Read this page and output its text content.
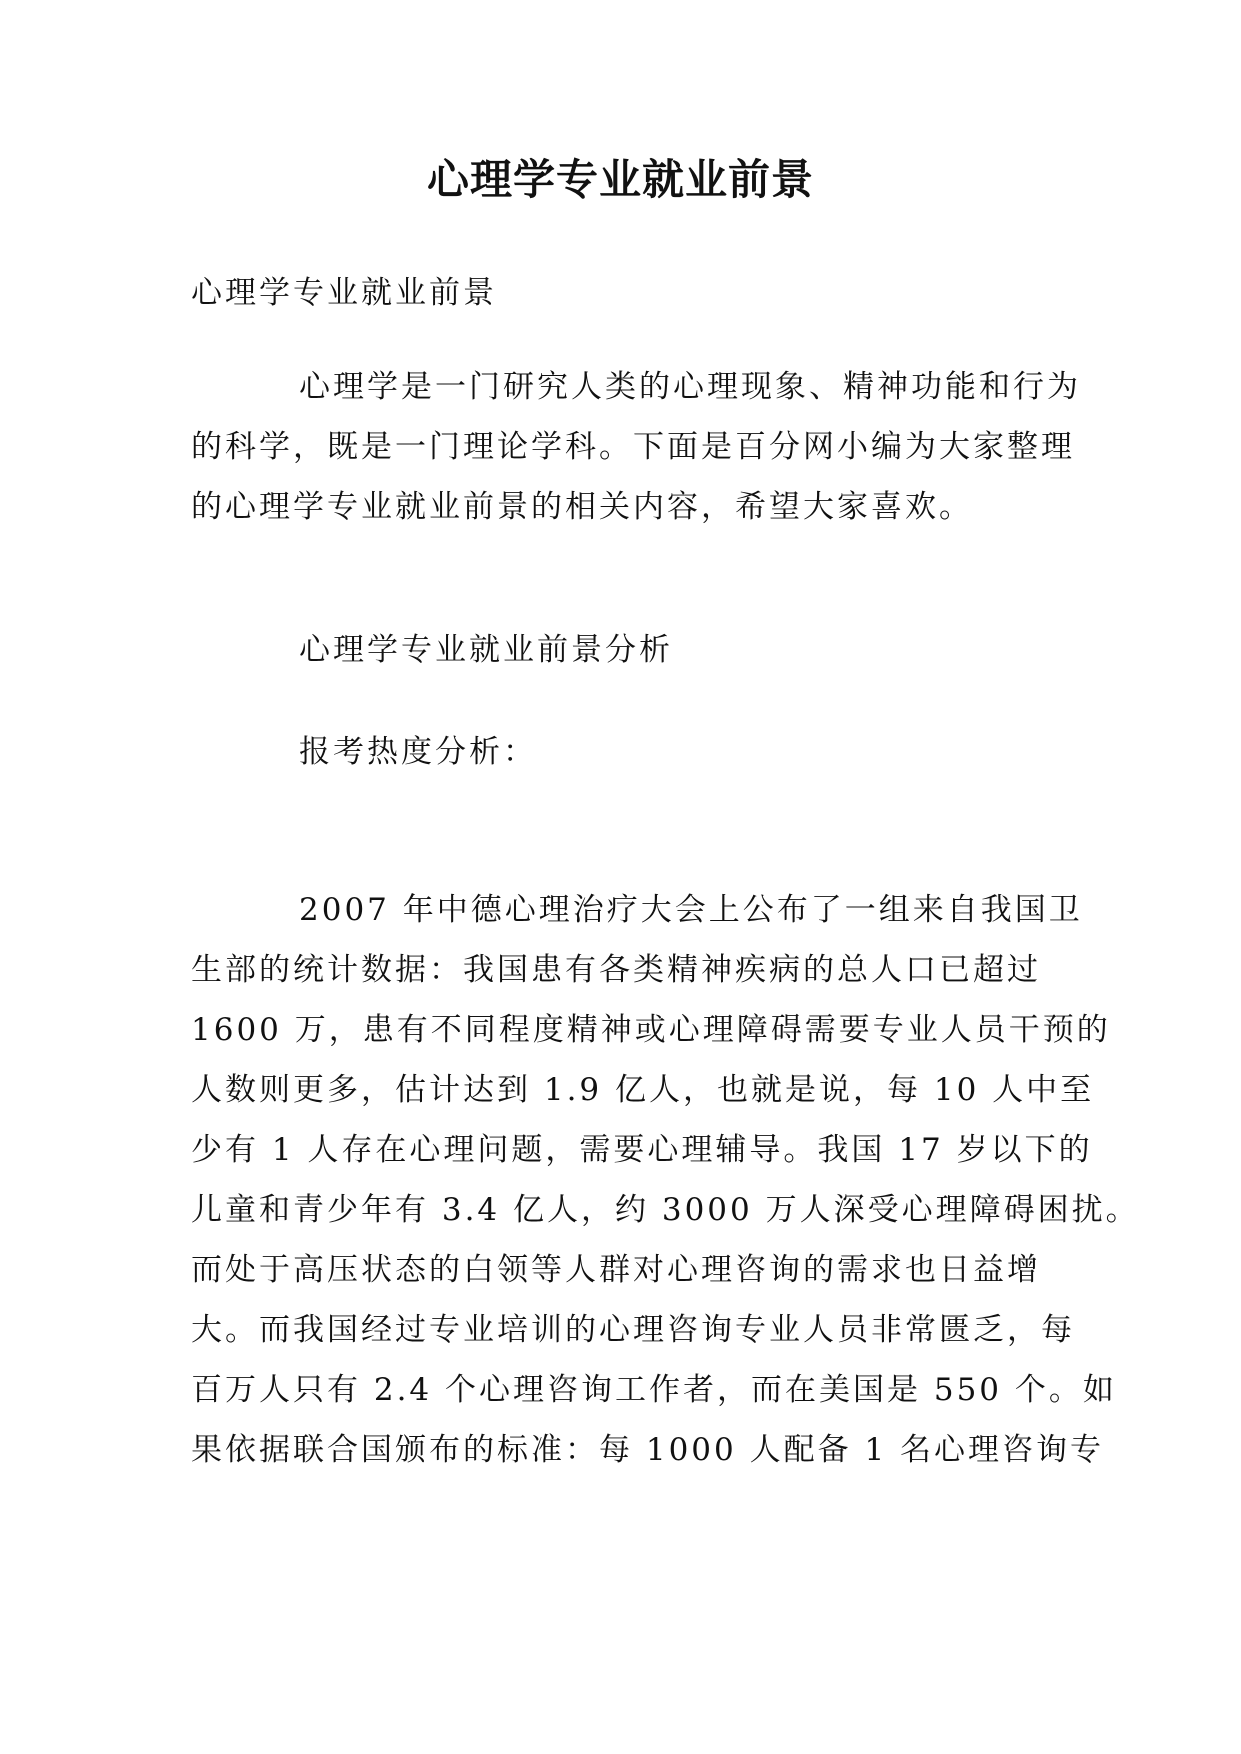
心理学专业就业前景

心理学专业就业前景

心理学是一门研究人类的心理现象、精神功能和行为
的科学，既是一门理论学科。下面是百分网小编为大家整理
的心理学专业就业前景的相关内容，希望大家喜欢。

心理学专业就业前景分析

报考热度分析：

2007 年中德心理治疗大会上公布了一组来自我国卫
生部的统计数据：我国患有各类精神疾病的总人口已超过
1600 万，患有不同程度精神或心理障碍需要专业人员干预的
人数则更多，估计达到 1.9 亿人，也就是说，每 10 人中至
少有 1 人存在心理问题，需要心理辅导。我国 17 岁以下的
儿童和青少年有 3.4 亿人，约 3000 万人深受心理障碍困扰。
而处于高压状态的白领等人群对心理咨询的需求也日益增
大。而我国经过专业培训的心理咨询专业人员非常匮乏，每
百万人只有 2.4 个心理咨询工作者，而在美国是 550 个。如
果依据联合国颁布的标准：每 1000 人配备 1 名心理咨询专
